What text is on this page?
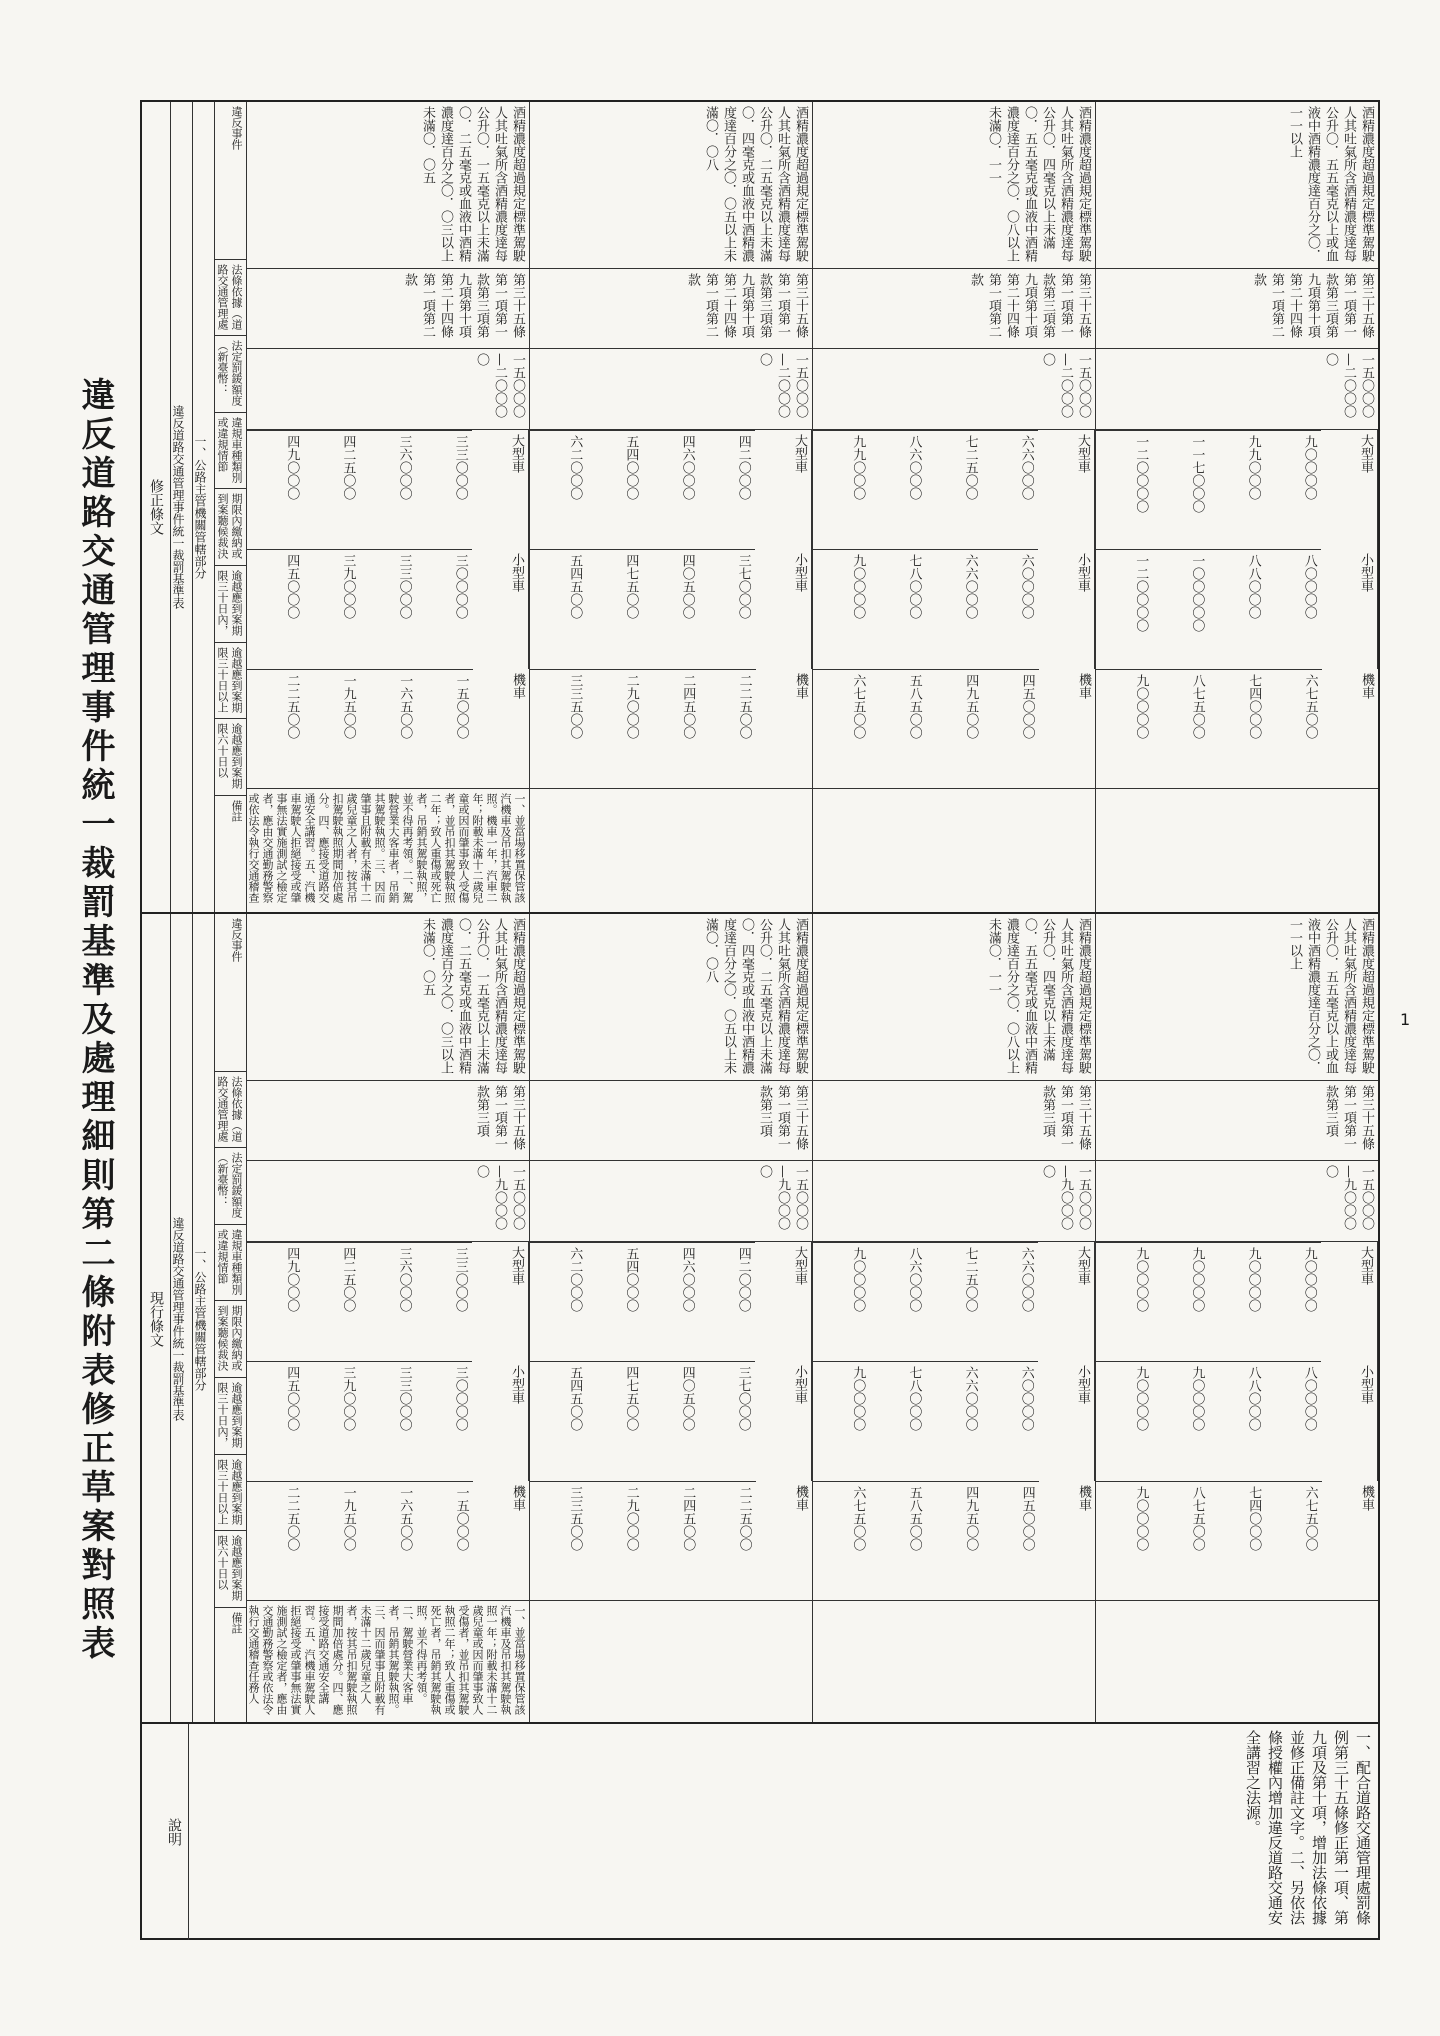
違反道路交通管理事件統一裁罰基準及處理細則第二條附表修正草案對照表	修正條文 違反道路交通管理事件統一裁罰基準表 一、公路主管機關管轄部分
違反事件
法條依據（道路交通管理處
法定罰鍰額度（新臺幣：
違規車種類別或違規情節
期限內繳納或到案聽候裁決
逾越應到案期限三十日內，
逾越應到案期限三十日以上
逾越應到案期限六十日以
備註
酒精濃度超過規定標準駕駛人其吐氣所含酒精濃度達每公升〇．一五毫克以上未滿〇．二五毫克或血液中酒精濃度達百分之〇．〇三以上未滿〇．〇五
第三十五條第一項第一款第三項第九項第十項第二十四條第一項第二款
一五〇〇〇—二〇〇〇〇
機車
一五〇〇〇
一六五〇〇
一九五〇〇
二二五〇〇
小型車
三〇〇〇〇
三三〇〇〇
三九〇〇〇
四五〇〇〇
大型車
三三〇〇〇
三六〇〇〇
四二五〇〇
四九〇〇〇
一、並當場移置保管該汽機車及吊扣其駕駛執照。機車一年，汽車二年；附載未滿十二歲兒童或因而肇事致人受傷者，並吊扣其駕駛執照二年；致人重傷或死亡者，吊銷其駕駛執照，並不得再考領。二、駕駛營業大客車者，吊銷其駕駛執照。三、因而肇事且附載有未滿十二歲兒童之人者，按其吊扣駕駛執照期間加倍處分。四、應接受道路交通安全講習。五、汽機車駕駛人拒絕接受或肇事無法實施測試之檢定者，應由交通勤務警察或依法令執行交通稽查
酒精濃度超過規定標準駕駛人其吐氣所含酒精濃度達每公升〇．二五毫克以上未滿〇．四毫克或血液中酒精濃度達百分之〇．〇五以上未滿〇．〇八
第三十五條第一項第一款第三項第九項第十項第二十四條第一項第二款
一五〇〇〇—二〇〇〇〇
機車
二二五〇〇
二四五〇〇
二九〇〇〇
三三五〇〇
小型車
三七〇〇〇
四〇五〇〇
四七五〇〇
五四五〇〇
大型車
四二〇〇〇
四六〇〇〇
五四〇〇〇
六二〇〇〇
酒精濃度超過規定標準駕駛人其吐氣所含酒精濃度達每公升〇．四毫克以上未滿〇．五五毫克或血液中酒精濃度達百分之〇．〇八以上未滿〇．一一
第三十五條第一項第一款第三項第九項第十項第二十四條第一項第二款
一五〇〇〇—二〇〇〇〇
機車
四五〇〇〇
四九五〇〇
五八五〇〇
六七五〇〇
小型車
六〇〇〇〇
六六〇〇〇
七八〇〇〇
九〇〇〇〇
大型車
六六〇〇〇
七二五〇〇
八六〇〇〇
九九〇〇〇
酒精濃度超過規定標準駕駛人其吐氣所含酒精濃度達每公升〇．五五毫克以上或血液中酒精濃度達百分之〇．一一以上
第三十五條第一項第一款第三項第九項第十項第二十四條第一項第二款
一五〇〇〇—二〇〇〇〇
機車
六七五〇〇
七四〇〇〇
八七五〇〇
九〇〇〇〇
小型車
八〇〇〇〇
八八〇〇〇
一〇〇〇〇〇
一二〇〇〇〇
大型車
九〇〇〇〇
九九〇〇〇
一一七〇〇〇
一二〇〇〇〇
現行條文 違反道路交通管理事件統一裁罰基準表 一、公路主管機關管轄部分
違反事件
法條依據（道路交通管理處
法定罰鍰額度（新臺幣：
違規車種類別或違規情節
期限內繳納或到案聽候裁決
逾越應到案期限三十日內，
逾越應到案期限三十日以上
逾越應到案期限六十日以
備註
酒精濃度超過規定標準駕駛人其吐氣所含酒精濃度達每公升〇．一五毫克以上未滿〇．二五毫克或血液中酒精濃度達百分之〇．〇三以上未滿〇．〇五
第三十五條第一項第一款第三項
一五〇〇〇—九〇〇〇〇
機車
一五〇〇〇
一六五〇〇
一九五〇〇
二二五〇〇
小型車
三〇〇〇〇
三三〇〇〇
三九〇〇〇
四五〇〇〇
大型車
三三〇〇〇
三六〇〇〇
四二五〇〇
四九〇〇〇
一、並當場移置保管該汽機車及吊扣其駕駛執照一年；附載未滿十二歲兒童或因而肇事致人受傷者，並吊扣其駕駛執照二年；致人重傷或死亡者，吊銷其駕駛執照，並不得再考領。二、駕駛營業大客車者，吊銷其駕駛執照。三、因而肇事且附載有未滿十二歲兒童之人者，按其吊扣駕駛執照期間加倍處分。四、應接受道路交通安全講習。五、汽機車駕駛人拒絕接受或肇事無法實施測試之檢定者，應由交通勤務警察或依法令執行交通稽查任務人
酒精濃度超過規定標準駕駛人其吐氣所含酒精濃度達每公升〇．二五毫克以上未滿〇．四毫克或血液中酒精濃度達百分之〇．〇五以上未滿〇．〇八
第三十五條第一項第一款第三項
一五〇〇〇—九〇〇〇〇
機車
二二五〇〇
二四五〇〇
二九〇〇〇
三三五〇〇
小型車
三七〇〇〇
四〇五〇〇
四七五〇〇
五四五〇〇
大型車
四二〇〇〇
四六〇〇〇
五四〇〇〇
六二〇〇〇
酒精濃度超過規定標準駕駛人其吐氣所含酒精濃度達每公升〇．四毫克以上未滿〇．五五毫克或血液中酒精濃度達百分之〇．〇八以上未滿〇．一一
第三十五條第一項第一款第三項
一五〇〇〇—九〇〇〇〇
機車
四五〇〇〇
四九五〇〇
五八五〇〇
六七五〇〇
小型車
六〇〇〇〇
六六〇〇〇
七八〇〇〇
九〇〇〇〇
大型車
六六〇〇〇
七二五〇〇
八六〇〇〇
九〇〇〇〇
酒精濃度超過規定標準駕駛人其吐氣所含酒精濃度達每公升〇．五五毫克以上或血液中酒精濃度達百分之〇．一一以上
第三十五條第一項第一款第三項
一五〇〇〇—九〇〇〇〇
機車
六七五〇〇
七四〇〇〇
八七五〇〇
九〇〇〇〇
小型車
八〇〇〇〇
八八〇〇〇
九〇〇〇〇
九〇〇〇〇
大型車
九〇〇〇〇
九〇〇〇〇
九〇〇〇〇
九〇〇〇〇
說明	一、配合道路交通管理處罰條例第三十五條修正第一項、第九項及第十項，增加法條依據並修正備註文字。二、另依法條授權內增加違反道路交通安全講習之法源。
1
